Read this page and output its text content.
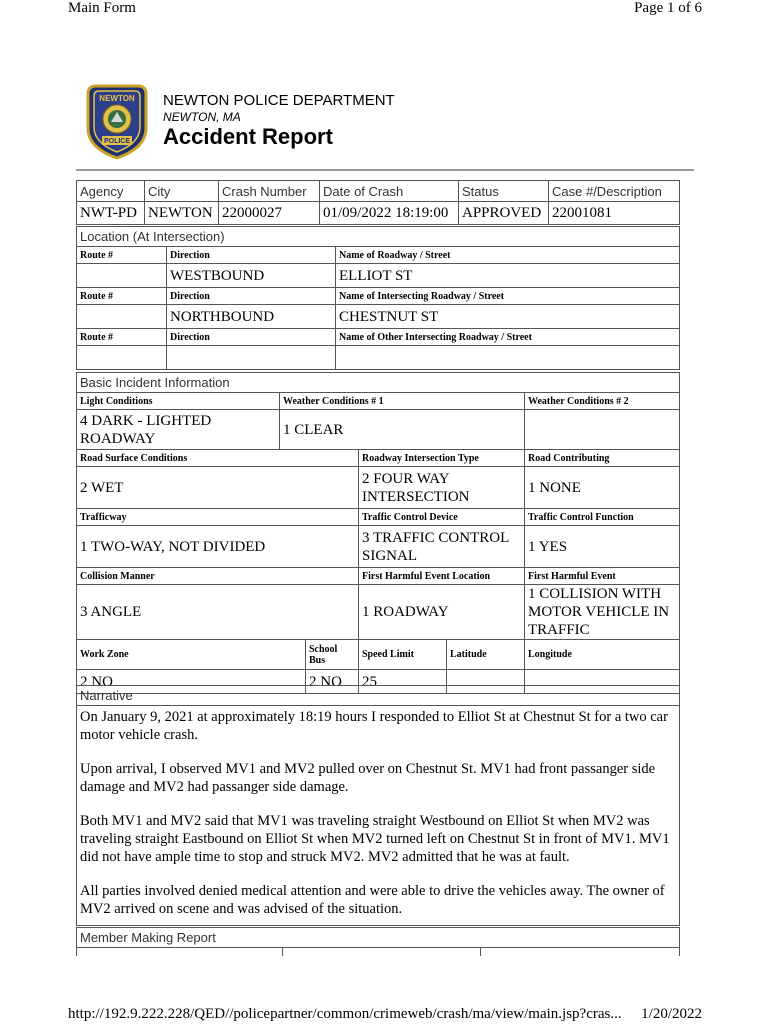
Main Form	Page 1 of 6
http://192.9.222.228/QED//policepartner/common/crimeweb/crash/ma/view/main.jsp?cras... 1/20/2022
NEWTON
POLICE
NEWTON POLICE DEPARTMENT
NEWTON, MA
Accident Report
Agency	City	Crash Number	Date of Crash	Status	Case #/Description
NWT-PD	NEWTON	22000027	01/09/2022 18:19:00	APPROVED	22001081
Location (At Intersection)		
Route #	Direction	Name of Roadway / Street
	WESTBOUND	ELLIOT ST
Route #	Direction	Name of Intersecting Roadway / Street
	NORTHBOUND	CHESTNUT ST
Route #	Direction	Name of Other Intersecting Roadway / Street

Basic Incident Information					
Light Conditions	Weather Conditions # 1				Weather Conditions # 2
4 DARK - LIGHTED ROADWAY	1 CLEAR				
Road Surface Conditions			Roadway Intersection Type		Road Contributing
2 WET			2 FOUR WAY INTERSECTION		1 NONE
Trafficway			Traffic Control Device		Traffic Control Function
1 TWO-WAY, NOT DIVIDED			3 TRAFFIC CONTROL SIGNAL		1 YES
Collision Manner			First Harmful Event Location		First Harmful Event
3 ANGLE			1 ROADWAY		1 COLLISION WITH MOTOR VEHICLE IN TRAFFIC
Work Zone		School Bus	Speed Limit	Latitude	Longitude
2 NO		2 NO	25		
Narrative

On January 9, 2021 at approximately 18:19 hours I responded to Elliot St at Chestnut St for a two car motor vehicle crash.

Upon arrival, I observed MV1 and MV2 pulled over on Chestnut St. MV1 had front passanger side damage and MV2 had passanger side damage.

Both MV1 and MV2 said that MV1 was traveling straight Westbound on Elliot St when MV2 was traveling straight Eastbound on Elliot St when MV2 turned left on Chestnut St in front of MV1. MV1 did not have ample time to stop and struck MV2. MV2 admitted that he was at fault.

All parties involved denied medical attention and were able to drive the vehicles away. The owner of MV2 arrived on scene and was advised of the situation.

Member Making Report
